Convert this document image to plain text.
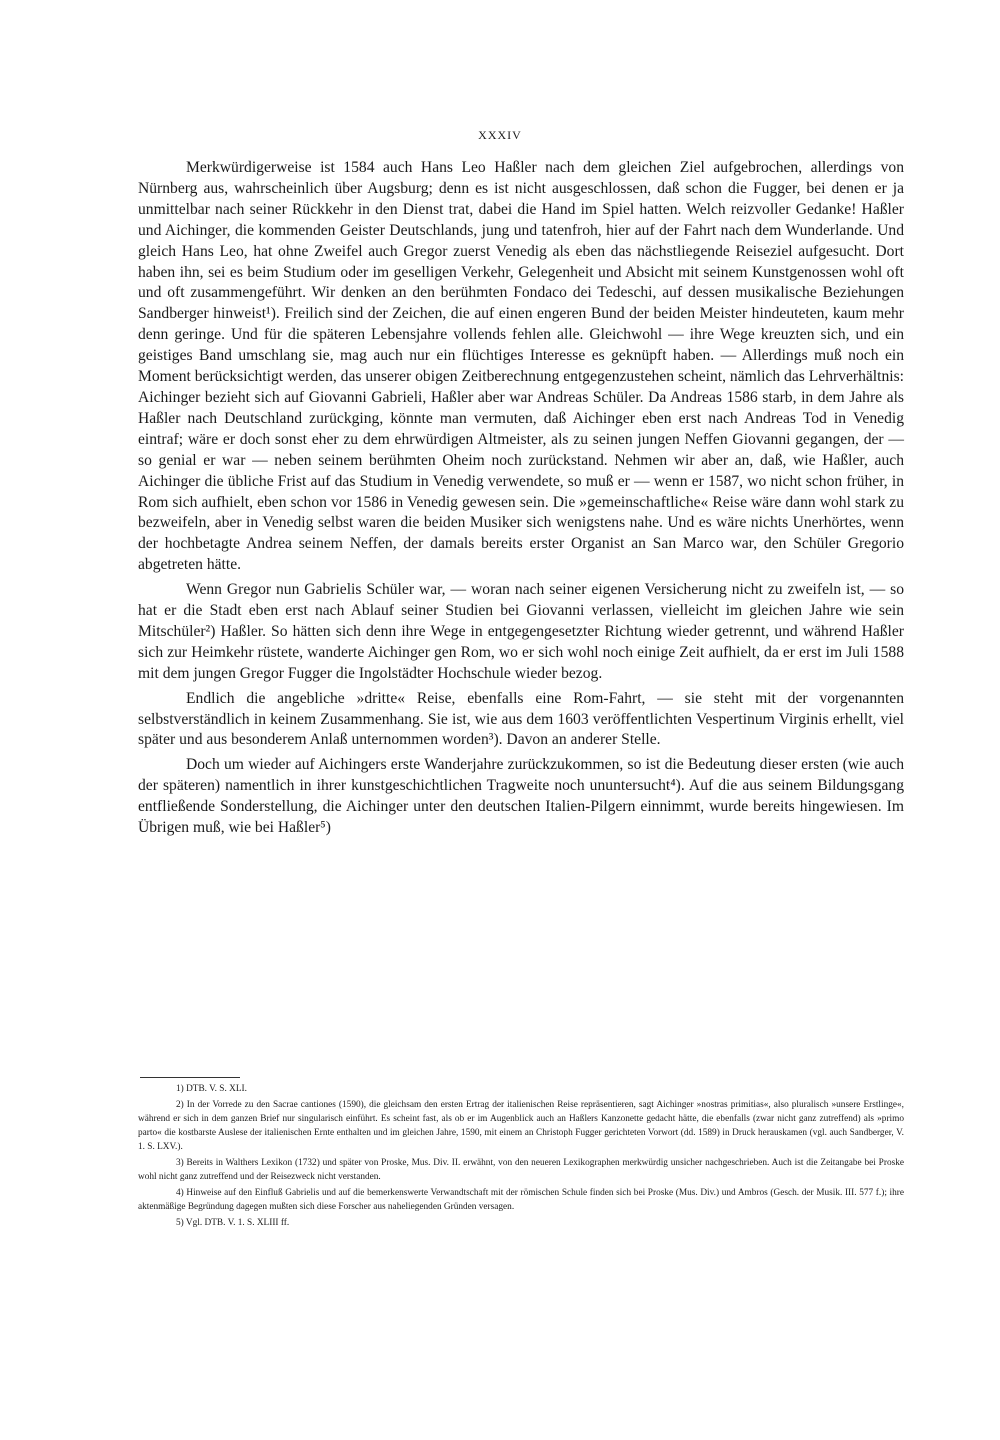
XXXIV

Merkwürdigerweise ist 1584 auch Hans Leo Haßler nach dem gleichen Ziel aufgebrochen, allerdings von Nürnberg aus, wahrscheinlich über Augsburg; denn es ist nicht ausgeschlossen, daß schon die Fugger, bei denen er ja unmittelbar nach seiner Rückkehr in den Dienst trat, dabei die Hand im Spiel hatten. Welch reizvoller Gedanke! Haßler und Aichinger, die kommenden Geister Deutschlands, jung und tatenfroh, hier auf der Fahrt nach dem Wunderlande. Und gleich Hans Leo, hat ohne Zweifel auch Gregor zuerst Venedig als eben das nächstliegende Reiseziel aufgesucht. Dort haben ihn, sei es beim Studium oder im geselligen Verkehr, Gelegenheit und Absicht mit seinem Kunstgenossen wohl oft und oft zusammengeführt. Wir denken an den berühmten Fondaco dei Tedeschi, auf dessen musikalische Beziehungen Sandberger hinweist¹). Freilich sind der Zeichen, die auf einen engeren Bund der beiden Meister hindeuteten, kaum mehr denn geringe. Und für die späteren Lebensjahre vollends fehlen alle. Gleichwohl — ihre Wege kreuzten sich, und ein geistiges Band umschlang sie, mag auch nur ein flüchtiges Interesse es geknüpft haben. — Allerdings muß noch ein Moment berücksichtigt werden, das unserer obigen Zeitberechnung entgegenzustehen scheint, nämlich das Lehrverhältnis: Aichinger bezieht sich auf Giovanni Gabrieli, Haßler aber war Andreas Schüler. Da Andreas 1586 starb, in dem Jahre als Haßler nach Deutschland zurückging, könnte man vermuten, daß Aichinger eben erst nach Andreas Tod in Venedig eintraf; wäre er doch sonst eher zu dem ehrwürdigen Altmeister, als zu seinen jungen Neffen Giovanni gegangen, der — so genial er war — neben seinem berühmten Oheim noch zurückstand. Nehmen wir aber an, daß, wie Haßler, auch Aichinger die übliche Frist auf das Studium in Venedig verwendete, so muß er — wenn er 1587, wo nicht schon früher, in Rom sich aufhielt, eben schon vor 1586 in Venedig gewesen sein. Die »gemeinschaftliche« Reise wäre dann wohl stark zu bezweifeln, aber in Venedig selbst waren die beiden Musiker sich wenigstens nahe. Und es wäre nichts Unerhörtes, wenn der hochbetagte Andrea seinem Neffen, der damals bereits erster Organist an San Marco war, den Schüler Gregorio abgetreten hätte.

Wenn Gregor nun Gabrielis Schüler war, — woran nach seiner eigenen Versicherung nicht zu zweifeln ist, — so hat er die Stadt eben erst nach Ablauf seiner Studien bei Giovanni verlassen, vielleicht im gleichen Jahre wie sein Mitschüler²) Haßler. So hätten sich denn ihre Wege in entgegengesetzter Richtung wieder getrennt, und während Haßler sich zur Heimkehr rüstete, wanderte Aichinger gen Rom, wo er sich wohl noch einige Zeit aufhielt, da er erst im Juli 1588 mit dem jungen Gregor Fugger die Ingolstädter Hochschule wieder bezog.

Endlich die angebliche »dritte« Reise, ebenfalls eine Rom-Fahrt, — sie steht mit der vorgenannten selbstverständlich in keinem Zusammenhang. Sie ist, wie aus dem 1603 veröffentlichten Vespertinum Virginis erhellt, viel später und aus besonderem Anlaß unternommen worden³). Davon an anderer Stelle.

Doch um wieder auf Aichingers erste Wanderjahre zurückzukommen, so ist die Bedeutung dieser ersten (wie auch der späteren) namentlich in ihrer kunstgeschichtlichen Tragweite noch ununtersucht⁴). Auf die aus seinem Bildungsgang entfließende Sonderstellung, die Aichinger unter den deutschen Italien-Pilgern einnimmt, wurde bereits hingewiesen. Im Übrigen muß, wie bei Haßler⁵)

1) DTB. V. S. XLI.

2) In der Vorrede zu den Sacrae cantiones (1590), die gleichsam den ersten Ertrag der italienischen Reise repräsentieren, sagt Aichinger »nostras primitias«, also pluralisch »unsere Erstlinge«, während er sich in dem ganzen Brief nur singularisch einführt. Es scheint fast, als ob er im Augenblick auch an Haßlers Kanzonette gedacht hätte, die ebenfalls (zwar nicht ganz zutreffend) als »primo parto« die kostbarste Auslese der italienischen Ernte enthalten und im gleichen Jahre, 1590, mit einem an Christoph Fugger gerichteten Vorwort (dd. 1589) in Druck herauskamen (vgl. auch Sandberger, V. 1. S. LXV.).

3) Bereits in Walthers Lexikon (1732) und später von Proske, Mus. Div. II. erwähnt, von den neueren Lexikographen merkwürdig unsicher nachgeschrieben. Auch ist die Zeitangabe bei Proske wohl nicht ganz zutreffend und der Reisezweck nicht verstanden.

4) Hinweise auf den Einfluß Gabrielis und auf die bemerkenswerte Verwandtschaft mit der römischen Schule finden sich bei Proske (Mus. Div.) und Ambros (Gesch. der Musik. III. 577 f.); ihre aktenmäßige Begründung dagegen mußten sich diese Forscher aus naheliegenden Gründen versagen.

5) Vgl. DTB. V. 1. S. XLIII ff.
